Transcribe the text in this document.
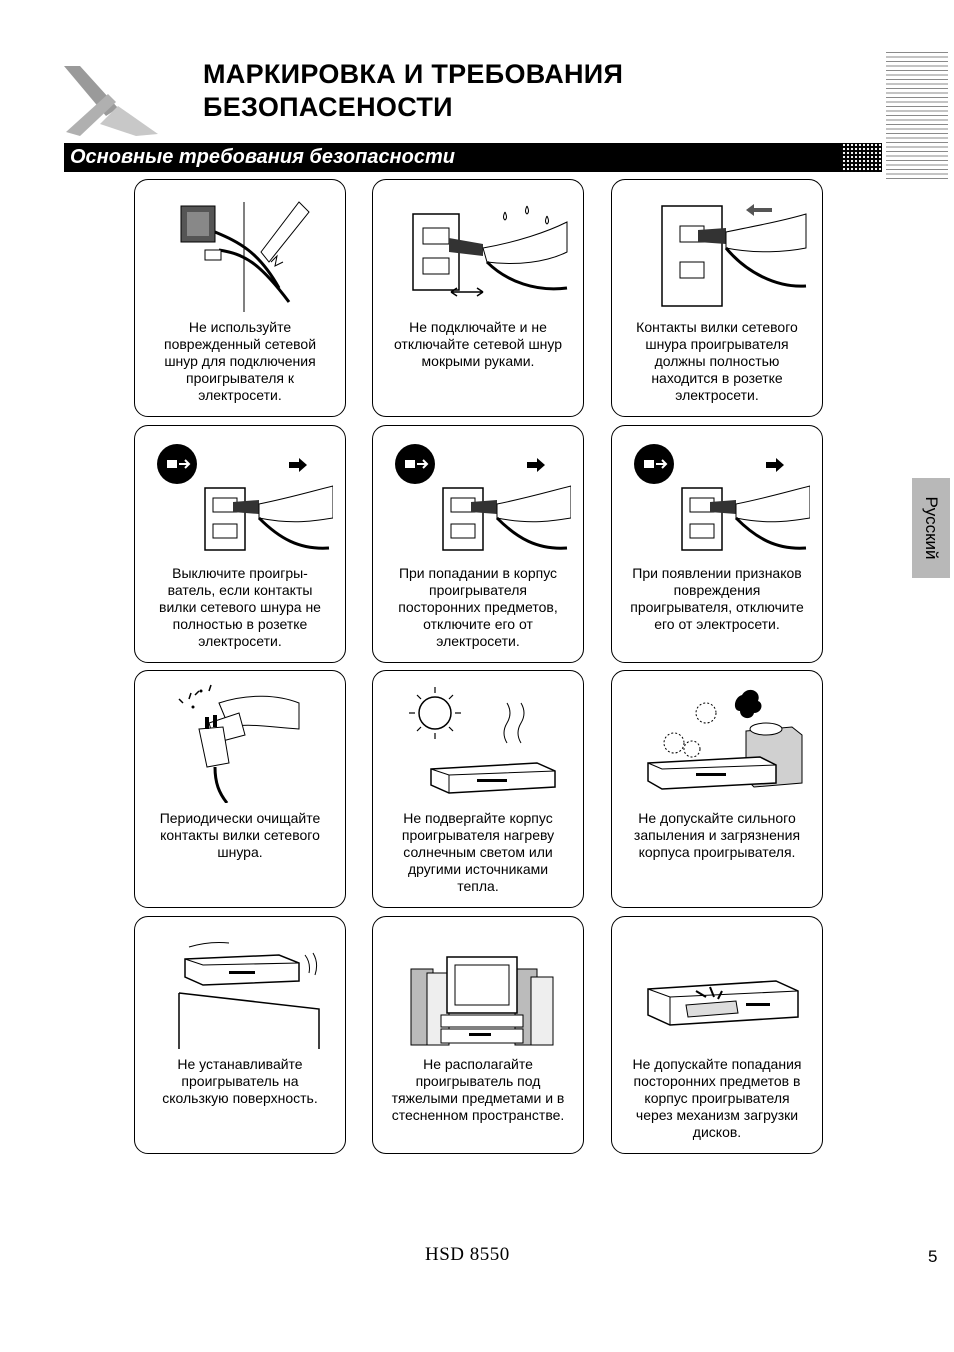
МАРКИРОВКА И ТРЕБОВАНИЯ
БЕЗОПАСЕНОСТИ
Основные требования безопасности
Русский
Не используйте
поврежденный сетевой
шнур для подключения
проигрывателя к
электросети.
Не подключайте и не
отключайте сетевой шнур
мокрыми руками.
Контакты вилки сетевого
шнура проигрывателя
должны полностью
находится в розетке
электросети.
Выключите проигры-
ватель, если контакты
вилки сетевого шнура не
полностью в розетке
электросети.
При попадании в корпус
проигрывателя
посторонних предметов,
отключите его от
электросети.
При появлении признаков
повреждения
проигрывателя, отключите
его от электросети.
Периодически очищайте
контакты вилки сетевого
шнура.
Не подвергайте корпус
проигрывателя нагреву
солнечным светом или
другими источниками
тепла.
Не допускайте сильного
запыления и загрязнения
корпуса проигрывателя.
Не устанавливайте
проигрыватель на
скользкую поверхность.
Не располагайте
проигрыватель под
тяжелыми предметами и в
стесненном пространстве.
Не допускайте попадания
посторонних предметов в
корпус проигрывателя
через механизм загрузки
дисков.
HSD 8550	5
